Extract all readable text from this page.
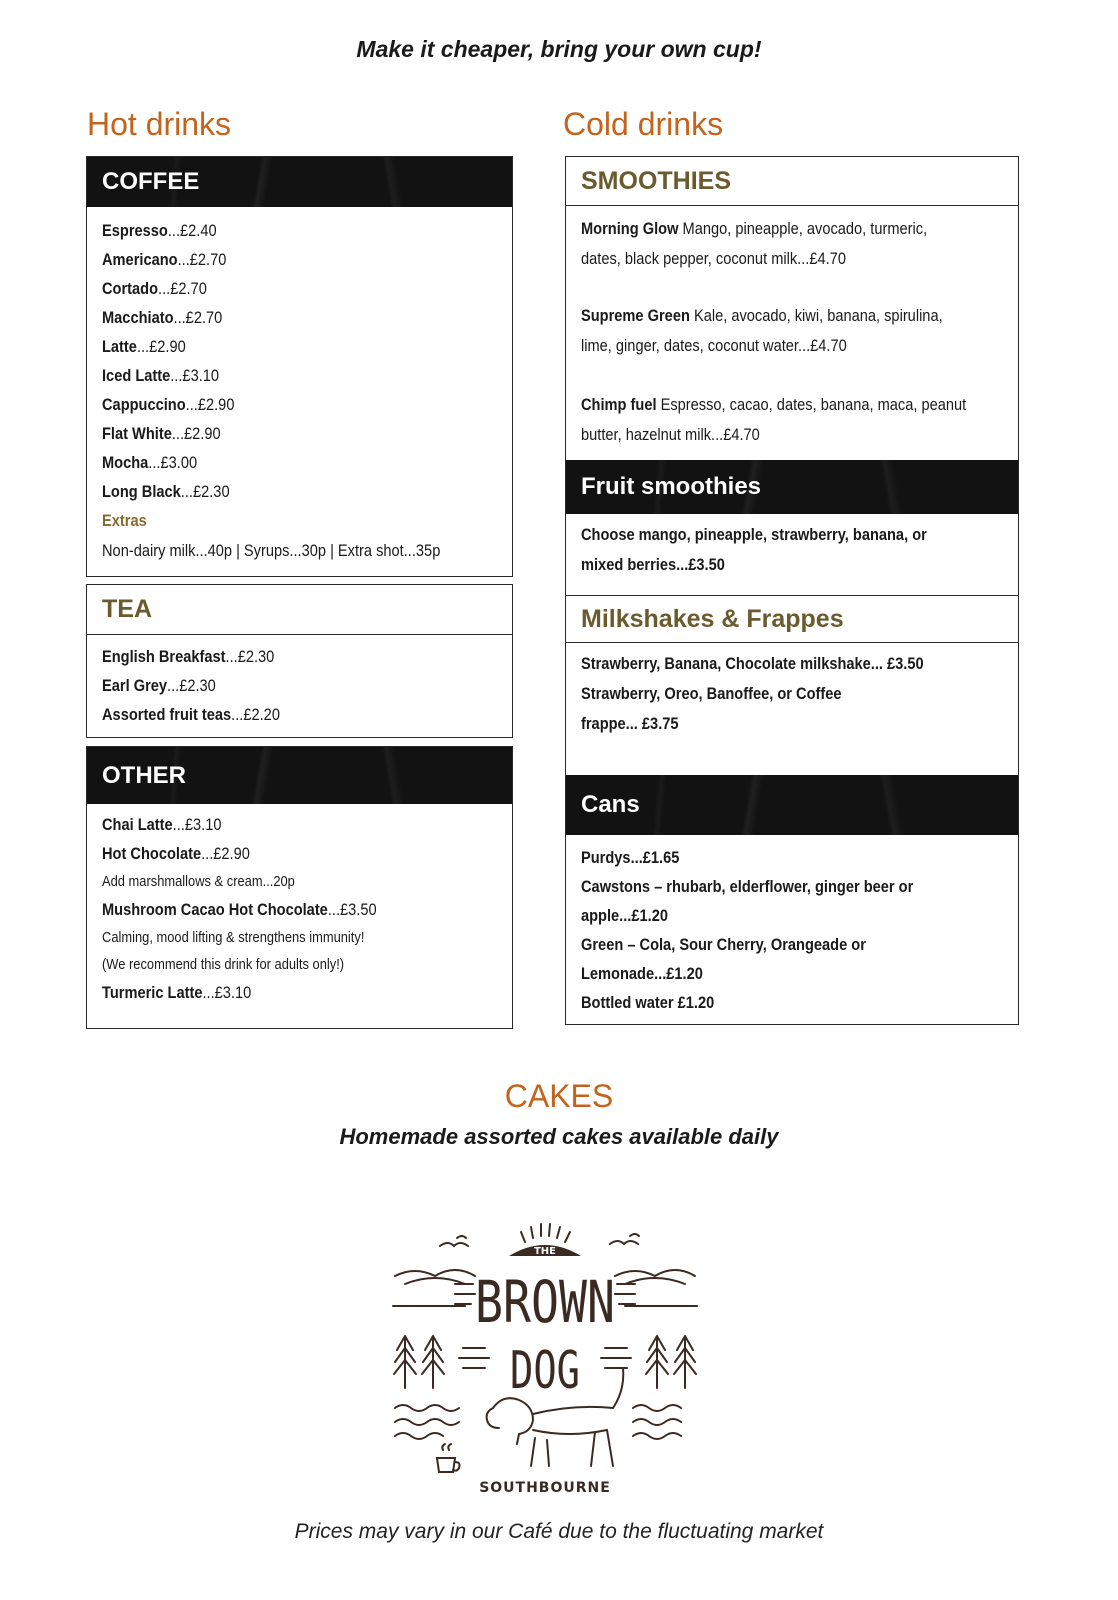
Make it cheaper, bring your own cup!
Hot drinks	Cold drinks
COFFEE
Espresso...£2.40
Americano...£2.70
Cortado...£2.70
Macchiato...£2.70
Latte...£2.90
Iced Latte...£3.10
Cappuccino...£2.90
Flat White...£2.90
Mocha...£3.00
Long Black...£2.30
Extras
Non-dairy milk...40p | Syrups...30p | Extra shot...35p
TEA
English Breakfast...£2.30
Earl Grey...£2.30
Assorted fruit teas...£2.20
OTHER
Chai Latte...£3.10
Hot Chocolate...£2.90
Add marshmallows & cream...20p
Mushroom Cacao Hot Chocolate...£3.50
Calming, mood lifting & strengthens immunity!
(We recommend this drink for adults only!)
Turmeric Latte...£3.10
SMOOTHIES
Morning Glow Mango, pineapple, avocado, turmeric,
dates, black pepper, coconut milk...£4.70
Supreme Green Kale, avocado, kiwi, banana, spirulina,
lime, ginger, dates, coconut water...£4.70
Chimp fuel Espresso, cacao, dates, banana, maca, peanut
butter, hazelnut milk...£4.70
Fruit smoothies
Choose mango, pineapple, strawberry, banana, or
mixed berries...£3.50
Milkshakes & Frappes
Strawberry, Banana, Chocolate milkshake... £3.50
Strawberry, Oreo, Banoffee, or Coffee
frappe... £3.75
Cans
Purdys...£1.65
Cawstons – rhubarb, elderflower, ginger beer or
apple...£1.20
Green – Cola, Sour Cherry, Orangeade or
Lemonade...£1.20
Bottled water £1.20
CAKES
Homemade assorted cakes available daily
THE
BROWN
DOG
SOUTHBOURNE
Prices may vary in our Café due to the fluctuating market
